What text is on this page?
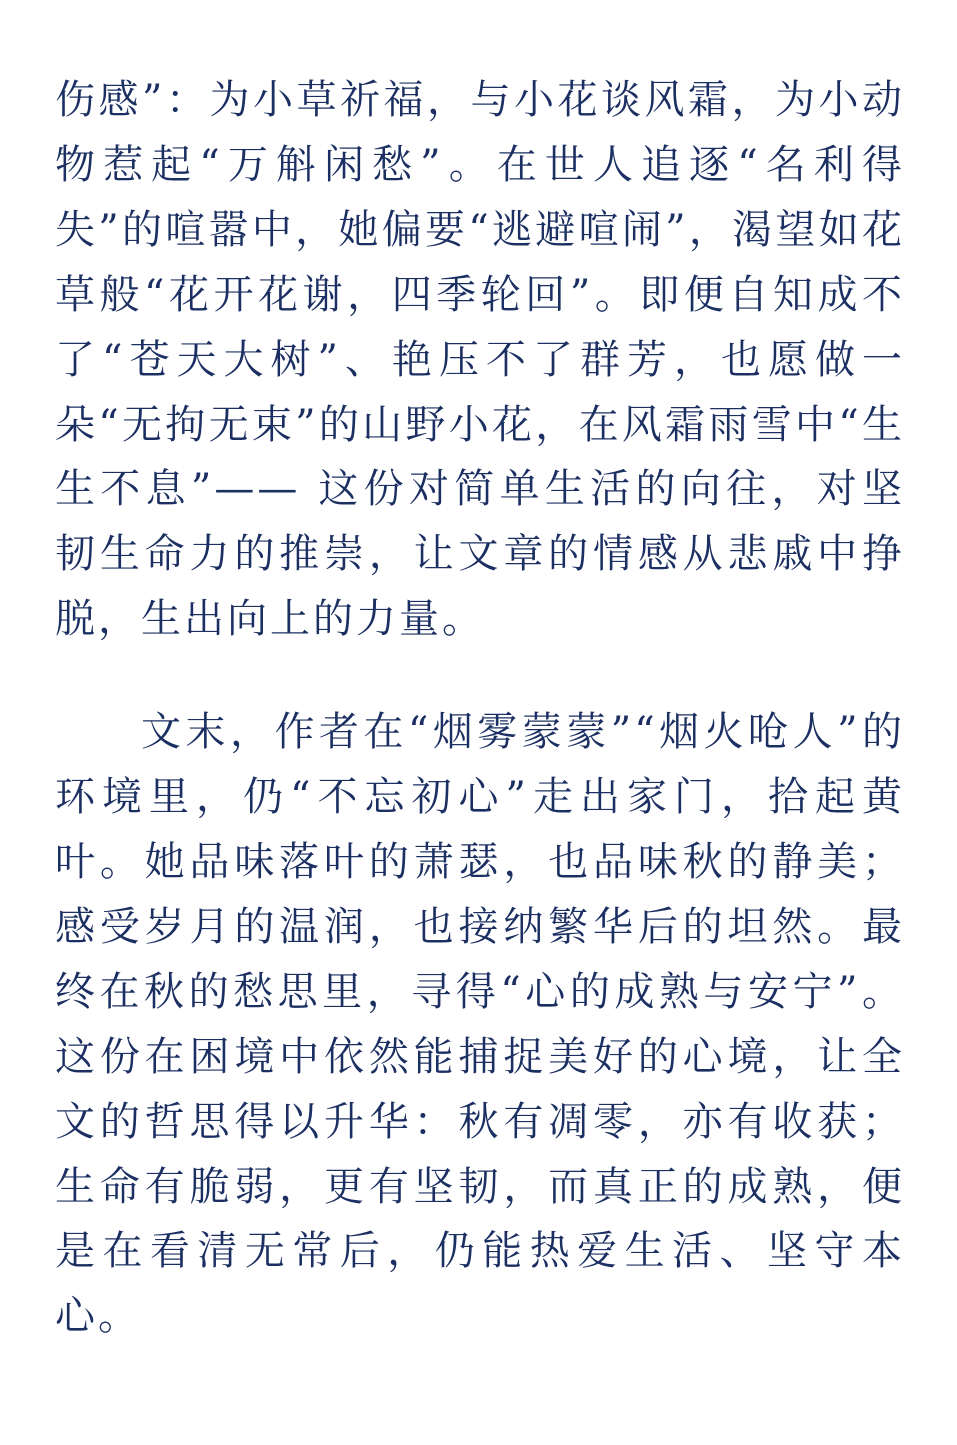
伤感”：为小草祈福，与小花谈风霜，为小动物惹起“万斛闲愁”。在世人追逐“名利得失”的喧嚣中，她偏要“逃避喧闹”，渴望如花草般“花开花谢，四季轮回”。即便自知成不了“苍天大树”、艳压不了群芳，也愿做一朵“无拘无束”的山野小花，在风霜雨雪中“生生不息”—— 这份对简单生活的向往，对坚韧生命力的推崇，让文章的情感从悲戚中挣脱，生出向上的力量。

文末，作者在“烟雾蒙蒙”“烟火呛人”的环境里，仍“不忘初心”走出家门，拾起黄叶。她品味落叶的萧瑟，也品味秋的静美；感受岁月的温润，也接纳繁华后的坦然。最终在秋的愁思里，寻得“心的成熟与安宁”。这份在困境中依然能捕捉美好的心境，让全文的哲思得以升华：秋有凋零，亦有收获；生命有脆弱，更有坚韧，而真正的成熟，便是在看清无常后，仍能热爱生活、坚守本心。
